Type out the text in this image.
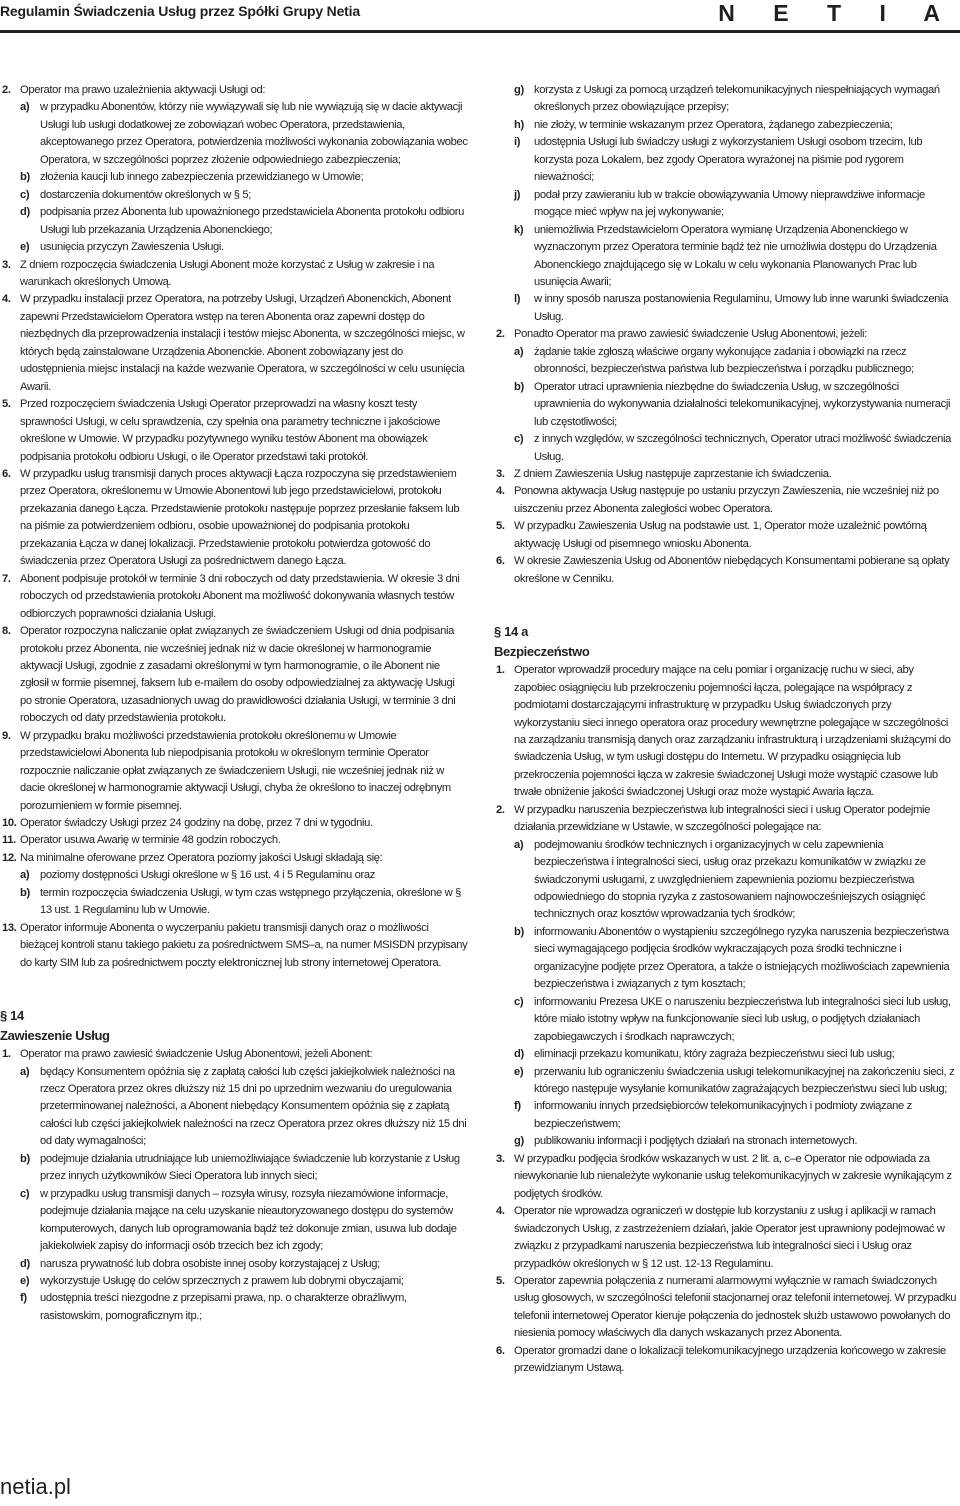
Regulamin Świadczenia Usług przez Spółki Grupy Netia	N E T I A
2. Operator ma prawo uzależnienia aktywacji Usługi od:
a) w przypadku Abonentów, którzy nie wywiązywali się lub nie wywiązują się w dacie aktywacji Usługi lub usługi dodatkowej ze zobowiązań wobec Operatora, przedstawienia, akceptowanego przez Operatora, potwierdzenia możliwości wykonania zobowiązania wobec Operatora, w szczególności poprzez złożenie odpowiedniego zabezpieczenia;
b) złożenia kaucji lub innego zabezpieczenia przewidzianego w Umowie;
c) dostarczenia dokumentów określonych w § 5;
d) podpisania przez Abonenta lub upoważnionego przedstawiciela Abonenta protokołu odbioru Usługi lub przekazania Urządzenia Abonenckiego;
e) usunięcia przyczyn Zawieszenia Usługi.
3. Z dniem rozpoczęcia świadczenia Usługi Abonent może korzystać z Usług w zakresie i na warunkach określonych Umową.
4. W przypadku instalacji przez Operatora, na potrzeby Usługi, Urządzeń Abonenckich, Abonent zapewni Przedstawicielom Operatora wstęp na teren Abonenta oraz zapewni dostęp do niezbędnych dla przeprowadzenia instalacji i testów miejsc Abonenta, w szczególności miejsc, w których będą zainstalowane Urządzenia Abonenckie. Abonent zobowiązany jest do udostępnienia miejsc instalacji na każde wezwanie Operatora, w szczególności w celu usunięcia Awarii.
5. Przed rozpoczęciem świadczenia Usługi Operator przeprowadzi na własny koszt testy sprawności Usługi, w celu sprawdzenia, czy spełnia ona parametry techniczne i jakościowe określone w Umowie. W przypadku pozytywnego wyniku testów Abonent ma obowiązek podpisania protokołu odbioru Usługi, o ile Operator przedstawi taki protokół.
6. W przypadku usług transmisji danych proces aktywacji Łącza rozpoczyna się przedstawieniem przez Operatora, określonemu w Umowie Abonentowi lub jego przedstawicielowi, protokołu przekazania danego Łącza. Przedstawienie protokołu następuje poprzez przesłanie faksem lub na piśmie za potwierdzeniem odbioru, osobie upoważnionej do podpisania protokołu przekazania Łącza w danej lokalizacji. Przedstawienie protokołu potwierdza gotowość do świadczenia przez Operatora Usługi za pośrednictwem danego Łącza.
7. Abonent podpisuje protokół w terminie 3 dni roboczych od daty przedstawienia. W okresie 3 dni roboczych od przedstawienia protokołu Abonent ma możliwość dokonywania własnych testów odbiorczych poprawności działania Usługi.
8. Operator rozpoczyna naliczanie opłat związanych ze świadczeniem Usługi od dnia podpisania protokołu przez Abonenta, nie wcześniej jednak niż w dacie określonej w harmonogramie aktywacji Usługi, zgodnie z zasadami określonymi w tym harmonogramie, o ile Abonent nie zgłosił w formie pisemnej, faksem lub e-mailem do osoby odpowiedzialnej za aktywację Usługi po stronie Operatora, uzasadnionych uwag do prawidłowości działania Usługi, w terminie 3 dni roboczych od daty przedstawienia protokołu.
9. W przypadku braku możliwości przedstawienia protokołu określonemu w Umowie przedstawicielowi Abonenta lub niepodpisania protokołu w określonym terminie Operator rozpocznie naliczanie opłat związanych ze świadczeniem Usługi, nie wcześniej jednak niż w dacie określonej w harmonogramie aktywacji Usługi, chyba że określono to inaczej odrębnym porozumieniem w formie pisemnej.
10. Operator świadczy Usługi przez 24 godziny na dobę, przez 7 dni w tygodniu.
11. Operator usuwa Awarię w terminie 48 godzin roboczych.
12. Na minimalne oferowane przez Operatora poziomy jakości Usługi składają się:
a) poziomy dostępności Usługi określone w § 16 ust. 4 i 5 Regulaminu oraz
b) termin rozpoczęcia świadczenia Usługi, w tym czas wstępnego przyłączenia, określone w § 13 ust. 1 Regulaminu lub w Umowie.
13. Operator informuje Abonenta o wyczerpaniu pakietu transmisji danych oraz o możliwości bieżącej kontroli stanu takiego pakietu za pośrednictwem SMS–a, na numer MSISDN przypisany do karty SIM lub za pośrednictwem poczty elektronicznej lub strony internetowej Operatora.
§ 14
Zawieszenie Usług
1. Operator ma prawo zawiesić świadczenie Usług Abonentowi, jeżeli Abonent:
a) będący Konsumentem opóźnia się z zapłatą całości lub części jakiejkolwiek należności na rzecz Operatora przez okres dłuższy niż 15 dni po uprzednim wezwaniu do uregulowania przeterminowanej należności, a Abonent niebędący Konsumentem opóźnia się z zapłatą całości lub części jakiejkolwiek należności na rzecz Operatora przez okres dłuższy niż 15 dni od daty wymagalności;
b) podejmuje działania utrudniające lub uniemożliwiające świadczenie lub korzystanie z Usług przez innych użytkowników Sieci Operatora lub innych sieci;
c) w przypadku usług transmisji danych – rozsyła wirusy, rozsyła niezamówione informacje, podejmuje działania mające na celu uzyskanie nieautoryzowanego dostępu do systemów komputerowych, danych lub oprogramowania bądź też dokonuje zmian, usuwa lub dodaje jakiekolwiek zapisy do informacji osób trzecich bez ich zgody;
d) narusza prywatność lub dobra osobiste innej osoby korzystającej z Usług;
e) wykorzystuje Usługę do celów sprzecznych z prawem lub dobrymi obyczajami;
f) udostępnia treści niezgodne z przepisami prawa, np. o charakterze obraźliwym, rasistowskim, pornograficznym itp.;
g) korzysta z Usługi za pomocą urządzeń telekomunikacyjnych niespełniających wymagań określonych przez obowiązujące przepisy;
h) nie złoży, w terminie wskazanym przez Operatora, żądanego zabezpieczenia;
i) udostępnia Usługi lub świadczy usługi z wykorzystaniem Usługi osobom trzecim, lub korzysta poza Lokalem, bez zgody Operatora wyrażonej na piśmie pod rygorem nieważności;
j) podał przy zawieraniu lub w trakcie obowiązywania Umowy nieprawdziwe informacje mogące mieć wpływ na jej wykonywanie;
k) uniemożliwia Przedstawicielom Operatora wymianę Urządzenia Abonenckiego w wyznaczonym przez Operatora terminie bądź też nie umożliwia dostępu do Urządzenia Abonenckiego znajdującego się w Lokalu w celu wykonania Planowanych Prac lub usunięcia Awarii;
l) w inny sposób narusza postanowienia Regulaminu, Umowy lub inne warunki świadczenia Usług.
2. Ponadto Operator ma prawo zawiesić świadczenie Usług Abonentowi, jeżeli:
a) żądanie takie zgłoszą właściwe organy wykonujące zadania i obowiązki na rzecz obronności, bezpieczeństwa państwa lub bezpieczeństwa i porządku publicznego;
b) Operator utraci uprawnienia niezbędne do świadczenia Usług, w szczególności uprawnienia do wykonywania działalności telekomunikacyjnej, wykorzystywania numeracji lub częstotliwości;
c) z innych względów, w szczególności technicznych, Operator utraci możliwość świadczenia Usług.
3. Z dniem Zawieszenia Usług następuje zaprzestanie ich świadczenia.
4. Ponowna aktywacja Usług następuje po ustaniu przyczyn Zawieszenia, nie wcześniej niż po uiszczeniu przez Abonenta zaległości wobec Operatora.
5. W przypadku Zawieszenia Usług na podstawie ust. 1, Operator może uzależnić powtórną aktywację Usługi od pisemnego wniosku Abonenta.
6. W okresie Zawieszenia Usług od Abonentów niebędących Konsumentami pobierane są opłaty określone w Cenniku.
§ 14 a
Bezpieczeństwo
1. Operator wprowadził procedury mające na celu pomiar i organizację ruchu w sieci, aby zapobiec osiągnięciu lub przekroczeniu pojemności łącza, polegające na współpracy z podmiotami dostarczającymi infrastrukturę w przypadku Usług świadczonych przy wykorzystaniu sieci innego operatora oraz procedury wewnętrzne polegające w szczególności na zarządzaniu transmisją danych oraz zarządzaniu infrastrukturą i urządzeniami służącymi do świadczenia Usług, w tym usługi dostępu do Internetu. W przypadku osiągnięcia lub przekroczenia pojemności łącza w zakresie świadczonej Usługi może wystąpić czasowe lub trwałe obniżenie jakości świadczonej Usługi oraz może wystąpić Awaria łącza.
2. W przypadku naruszenia bezpieczeństwa lub integralności sieci i usług Operator podejmie działania przewidziane w Ustawie, w szczególności polegające na:
a) podejmowaniu środków technicznych i organizacyjnych w celu zapewnienia bezpieczeństwa i integralności sieci, usług oraz przekazu komunikatów w związku ze świadczonymi usługami, z uwzględnieniem zapewnienia poziomu bezpieczeństwa odpowiedniego do stopnia ryzyka z zastosowaniem najnowocześniejszych osiągnięć technicznych oraz kosztów wprowadzania tych środków;
b) informowaniu Abonentów o wystąpieniu szczególnego ryzyka naruszenia bezpieczeństwa sieci wymagającego podjęcia środków wykraczających poza środki techniczne i organizacyjne podjęte przez Operatora, a także o istniejących możliwościach zapewnienia bezpieczeństwa i związanych z tym kosztach;
c) informowaniu Prezesa UKE o naruszeniu bezpieczeństwa lub integralności sieci lub usług, które miało istotny wpływ na funkcjonowanie sieci lub usług, o podjętych działaniach zapobiegawczych i środkach naprawczych;
d) eliminacji przekazu komunikatu, który zagraża bezpieczeństwu sieci lub usług;
e) przerwaniu lub ograniczeniu świadczenia usługi telekomunikacyjnej na zakończeniu sieci, z którego następuje wysyłanie komunikatów zagrażających bezpieczeństwu sieci lub usług;
f) informowaniu innych przedsiębiorców telekomunikacyjnych i podmioty związane z bezpieczeństwem;
g) publikowaniu informacji i podjętych działań na stronach internetowych.
3. W przypadku podjęcia środków wskazanych w ust. 2 lit. a, c–e Operator nie odpowiada za niewykonanie lub nienależyte wykonanie usług telekomunikacyjnych w zakresie wynikającym z podjętych środków.
4. Operator nie wprowadza ograniczeń w dostępie lub korzystaniu z usług i aplikacji w ramach świadczonych Usług, z zastrzeżeniem działań, jakie Operator jest uprawniony podejmować w związku z przypadkami naruszenia bezpieczeństwa lub integralności sieci i Usług oraz przypadków określonych w § 12 ust. 12-13 Regulaminu.
5. Operator zapewnia połączenia z numerami alarmowymi wyłącznie w ramach świadczonych usług głosowych, w szczególności telefonii stacjonarnej oraz telefonii internetowej. W przypadku telefonii internetowej Operator kieruje połączenia do jednostek służb ustawowo powołanych do niesienia pomocy właściwych dla danych wskazanych przez Abonenta.
6. Operator gromadzi dane o lokalizacji telekomunikacyjnego urządzenia końcowego w zakresie przewidzianym Ustawą.
netia.pl
